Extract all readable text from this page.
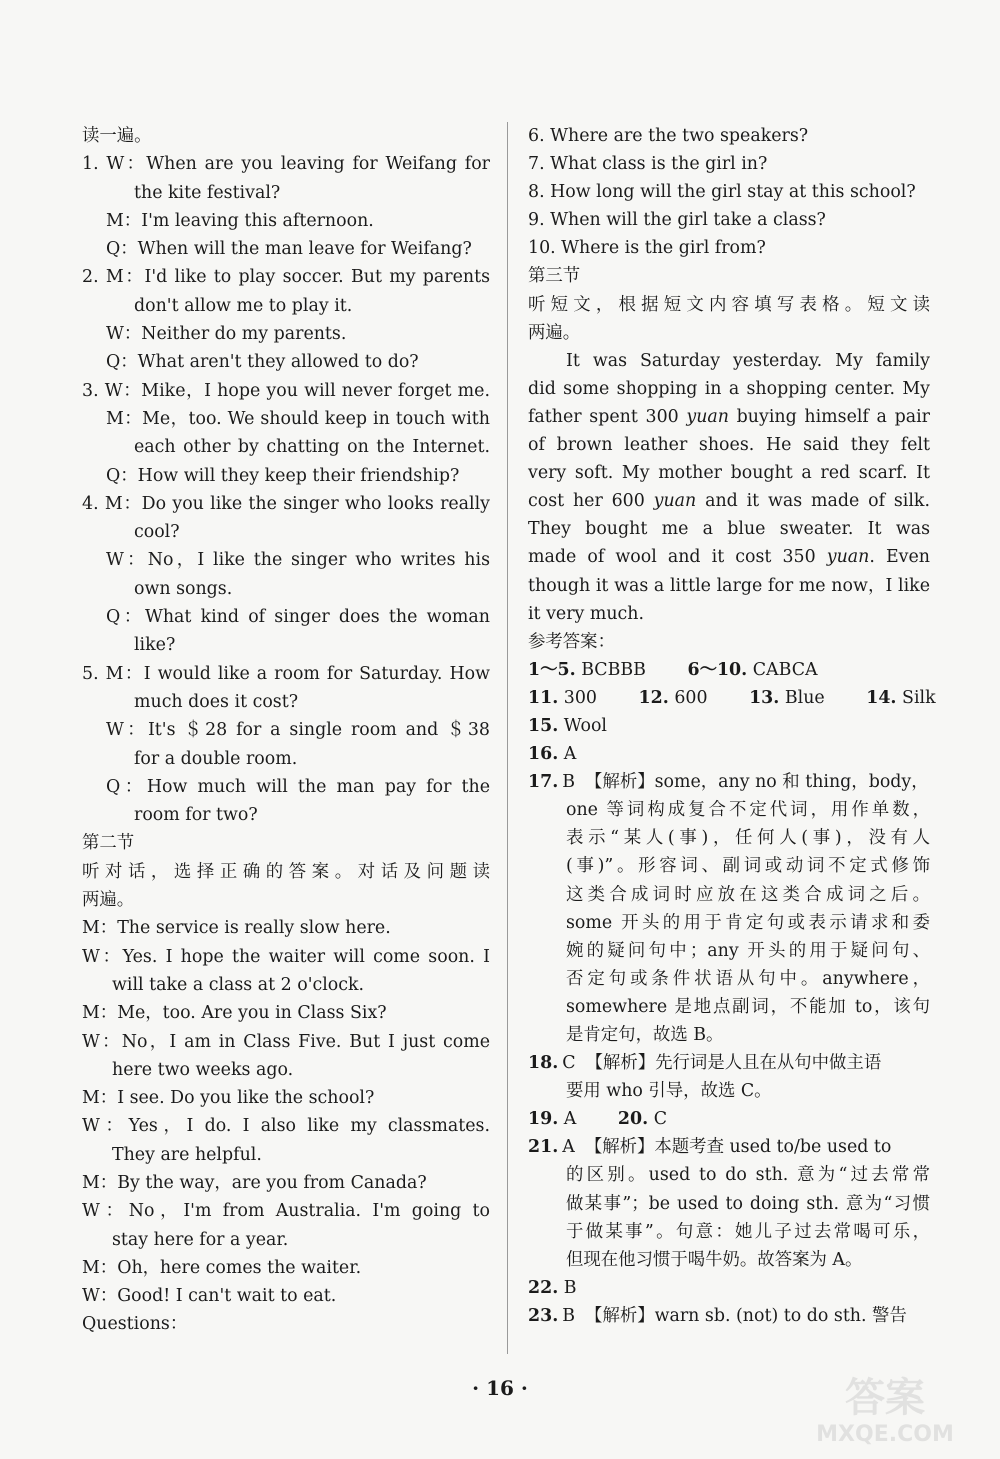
读一遍。
1. W：When are you leaving for Weifang for
the kite festival?
M：I'm leaving this afternoon.
Q：When will the man leave for Weifang?
2. M：I'd like to play soccer. But my parents
don't allow me to play it.
W：Neither do my parents.
Q：What aren't they allowed to do?
3. W：Mike，I hope you will never forget me.
M：Me，too. We should keep in touch with
each other by chatting on the Internet.
Q：How will they keep their friendship?
4. M：Do you like the singer who looks really
cool?
W：No，I like the singer who writes his
own songs.
Q：What kind of singer does the woman
like?
5. M：I would like a room for Saturday. How
much does it cost?
W：It's ＄28 for a single room and ＄38
for a double room.
Q：How much will the man pay for the
room for two?
第二节
听对话，选择正确的答案。对话及问题读
两遍。
M：The service is really slow here.
W：Yes. I hope the waiter will come soon. I
will take a class at 2 o'clock.
M：Me，too. Are you in Class Six?
W：No，I am in Class Five. But I just come
here two weeks ago.
M：I see. Do you like the school?
W：Yes，I do. I also like my classmates.
They are helpful.
M：By the way，are you from Canada?
W：No，I'm from Australia. I'm going to
stay here for a year.
M：Oh，here comes the waiter.
W：Good! I can't wait to eat.
Questions：
6. Where are the two speakers?
7. What class is the girl in?
8. How long will the girl stay at this school?
9. When will the girl take a class?
10. Where is the girl from?
第三节
听短文，根据短文内容填写表格。短文读
两遍。
It was Saturday yesterday. My family
did some shopping in a shopping center. My
father spent 300 yuan buying himself a pair
of brown leather shoes. He said they felt
very soft. My mother bought a red scarf. It
cost her 600 yuan and it was made of silk.
They bought me a blue sweater. It was
made of wool and it cost 350 yuan. Even
though it was a little large for me now，I like
it very much.
参考答案：
1～5. BCBBB 6～10. CABCA
11. 300 12. 600 13. Blue 14. Silk
15. Wool
16. A
17. B 【解析】some，any no 和 thing，body，
one 等词构成复合不定代词，用作单数，
表示“某人(事)，任何人(事)，没有人
(事)”。形容词、副词或动词不定式修饰
这类合成词时应放在这类合成词之后。
some 开头的用于肯定句或表示请求和委
婉的疑问句中；any 开头的用于疑问句、
否定句或条件状语从句中。anywhere，
somewhere 是地点副词，不能加 to，该句
是肯定句，故选 B。
18. C 【解析】先行词是人且在从句中做主语
要用 who 引导，故选 C。
19. A 20. C
21. A 【解析】本题考查 used to/be used to
的区别。used to do sth. 意为“过去常常
做某事”；be used to doing sth. 意为“习惯
于做某事”。句意：她儿子过去常喝可乐，
但现在他习惯于喝牛奶。故答案为 A。
22. B
23. B 【解析】warn sb. (not) to do sth. 警告
· 16 ·	答案
MXQE.COM
